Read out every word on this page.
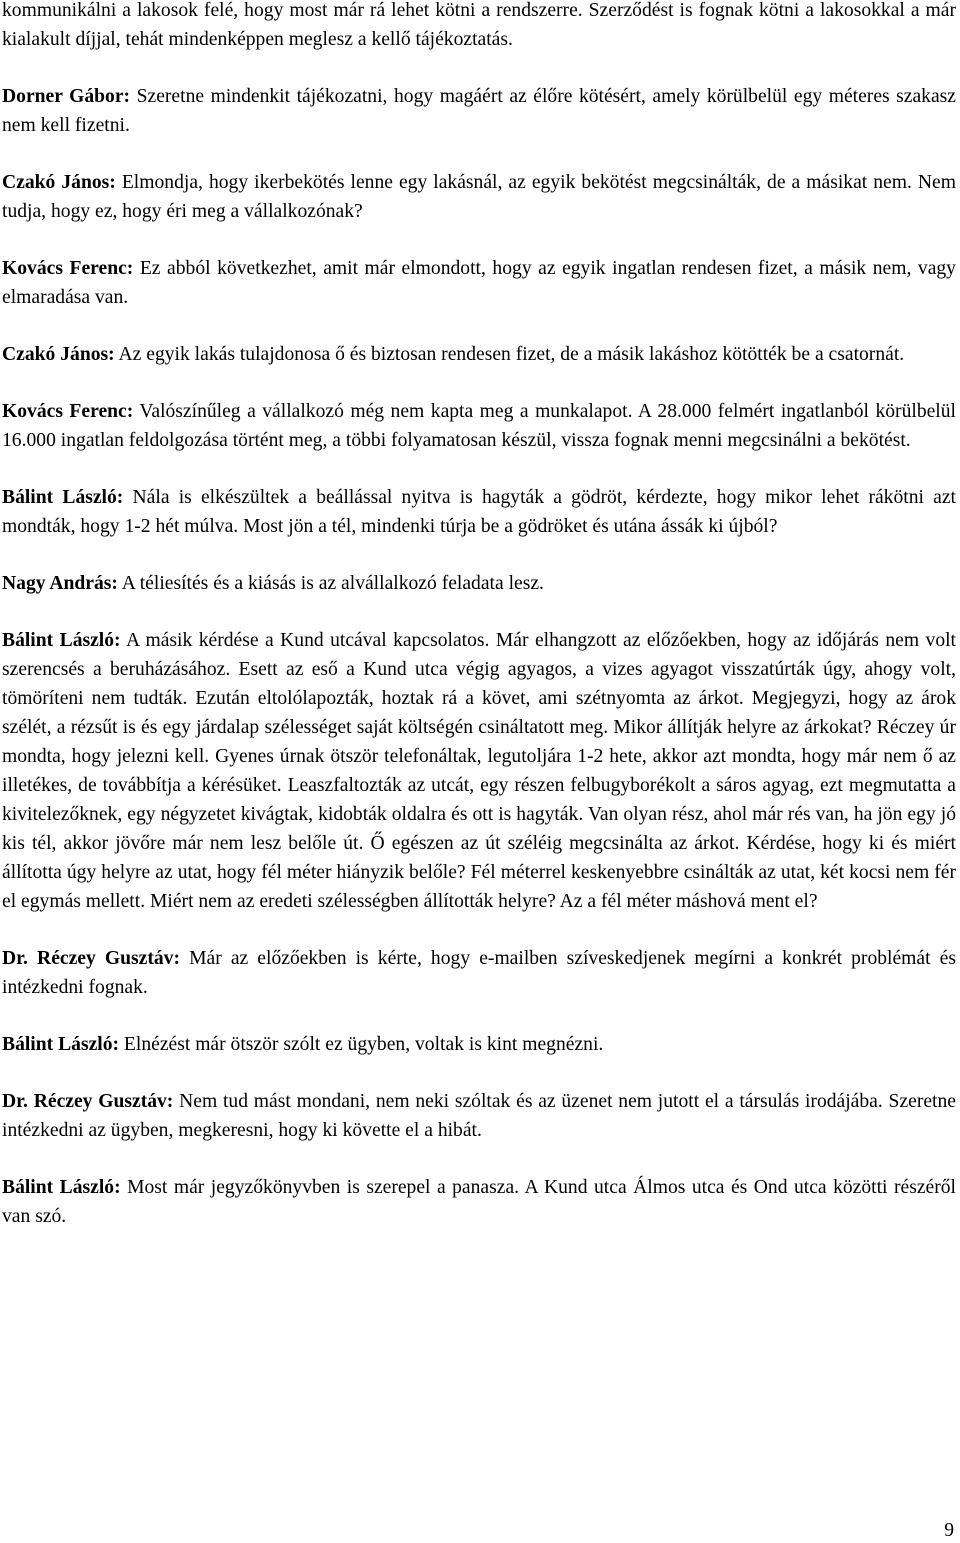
kommunikálni a lakosok felé, hogy most már rá lehet kötni a rendszerre. Szerződést is fognak kötni a lakosokkal a már kialakult díjjal, tehát mindenképpen meglesz a kellő tájékoztatás.

Dorner Gábor: Szeretne mindenkit tájékozatni, hogy magáért az élőre kötésért, amely körülbelül egy méteres szakasz nem kell fizetni.

Czakó János: Elmondja, hogy ikerbekötés lenne egy lakásnál, az egyik bekötést megcsinálták, de a másikat nem. Nem tudja, hogy ez, hogy éri meg a vállalkozónak?

Kovács Ferenc: Ez abból következhet, amit már elmondott, hogy az egyik ingatlan rendesen fizet, a másik nem, vagy elmaradása van.

Czakó János: Az egyik lakás tulajdonosa ő és biztosan rendesen fizet, de a másik lakáshoz kötötték be a csatornát.

Kovács Ferenc: Valószínűleg a vállalkozó még nem kapta meg a munkalapot. A 28.000 felmért ingatlanból körülbelül 16.000 ingatlan feldolgozása történt meg, a többi folyamatosan készül, vissza fognak menni megcsinálni a bekötést.

Bálint László: Nála is elkészültek a beállással nyitva is hagyták a gödröt, kérdezte, hogy mikor lehet rákötni azt mondták, hogy 1-2 hét múlva. Most jön a tél, mindenki túrja be a gödröket és utána ássák ki újból?

Nagy András: A téliesítés és a kiásás is az alvállalkozó feladata lesz.

Bálint László: A másik kérdése a Kund utcával kapcsolatos. Már elhangzott az előzőekben, hogy az időjárás nem volt szerencsés a beruházásához. Esett az eső a Kund utca végig agyagos, a vizes agyagot visszatúrták úgy, ahogy volt, tömöríteni nem tudták. Ezután eltolólapozták, hoztak rá a követ, ami szétnyomta az árkot. Megjegyzi, hogy az árok szélét, a rézsűt is és egy járdalap szélességet saját költségén csináltatott meg. Mikor állítják helyre az árkokat? Réczey úr mondta, hogy jelezni kell. Gyenes úrnak ötször telefonáltak, legutoljára 1-2 hete, akkor azt mondta, hogy már nem ő az illetékes, de továbbítja a kérésüket. Leaszfaltozták az utcát, egy részen felbugyborékolt a sáros agyag, ezt megmutatta a kivitelezőknek, egy négyzetet kivágtak, kidobták oldalra és ott is hagyták. Van olyan rész, ahol már rés van, ha jön egy jó kis tél, akkor jövőre már nem lesz belőle út. Ő egészen az út széléig megcsinálta az árkot. Kérdése, hogy ki és miért állította úgy helyre az utat, hogy fél méter hiányzik belőle? Fél méterrel keskenyebbre csinálták az utat, két kocsi nem fér el egymás mellett. Miért nem az eredeti szélességben állították helyre? Az a fél méter máshová ment el?

Dr. Réczey Gusztáv: Már az előzőekben is kérte, hogy e-mailben szíveskedjenek megírni a konkrét problémát és intézkedni fognak.

Bálint László: Elnézést már ötször szólt ez ügyben, voltak is kint megnézni.

Dr. Réczey Gusztáv: Nem tud mást mondani, nem neki szóltak és az üzenet nem jutott el a társulás irodájába. Szeretne intézkedni az ügyben, megkeresni, hogy ki követte el a hibát.

Bálint László: Most már jegyzőkönyvben is szerepel a panasza. A Kund utca Álmos utca és Ond utca közötti részéről van szó.

9
